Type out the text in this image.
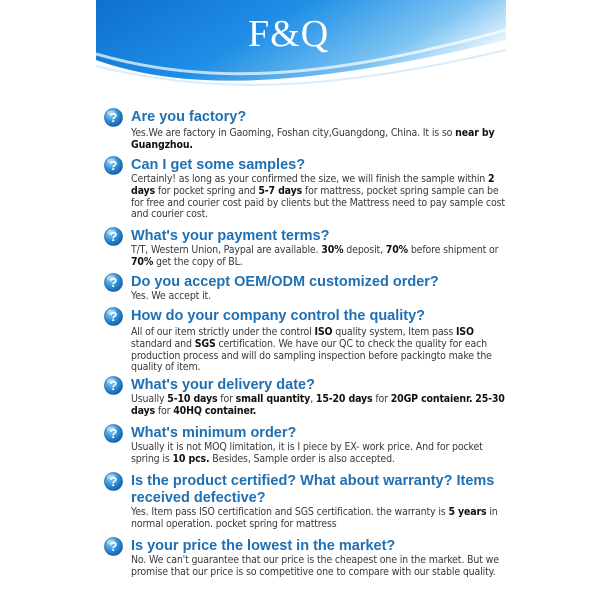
F&Q
? Are you factory?
Yes.We are factory in Gaoming, Foshan city,Guangdong, China. It is so near by Guangzhou.
? Can I get some samples?
Certainly! as long as your confirmed the size, we will finish the sample within 2 days for pocket spring and 5-7 days for mattress, pocket spring sample can be for free and courier cost paid by clients but the Mattress need to pay sample cost and courier cost.
? What's your payment terms?
T/T, Western Union, Paypal are available. 30% deposit, 70% before shipment or 70% get the copy of BL.
? Do you accept OEM/ODM customized order?
Yes. We accept it.
? How do your company control the quality?
All of our item strictly under the control ISO quality system, Item pass ISO standard and SGS certification. We have our QC to check the quality for each production process and will do sampling inspection before packingto make the quality of item.
? What's your delivery date?
Usually 5-10 days for small quantity, 15-20 days for 20GP contaienr. 25-30 days for 40HQ container.
? What's minimum order?
Usually it is not MOQ limitation, it is I piece by EX- work price. And for pocket spring is 10 pcs. Besides, Sample order is also accepted.
? Is the product certified? What about warranty? Items received defective?
Yes. Item pass ISO certification and SGS certification. the warranty is 5 years in normal operation. pocket spring for mattress
? Is your price the lowest in the market?
No. We can't guarantee that our price is the cheapest one in the market. But we promise that our price is so competitive one to compare with our stable quality.
